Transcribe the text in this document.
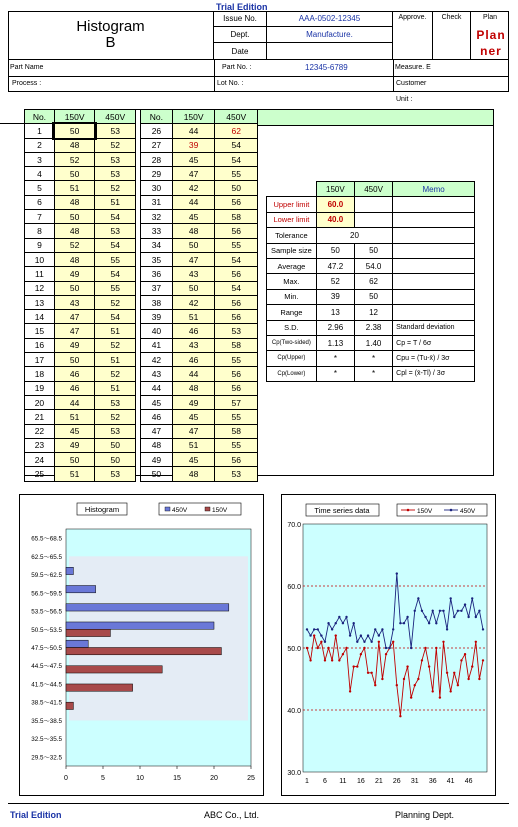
Trial Edition
Histogram
B
Issue No.	AAA-0502-12345
Dept.	Manufacture.
Date
Approve.	Check	Plan
Plan ner
Part Name	Part No. :	12345-6789	Measure. E
Process :	Lot No. :	Customer
Unit :
No.	150V	450V
1	50	53
2	48	52
3	52	53
4	50	53
5	51	52
6	48	51
7	50	54
8	48	53
9	52	54
10	48	55
11	49	54
12	50	55
13	43	52
14	47	54
15	47	51
16	49	52
17	50	51
18	46	52
19	46	51
20	44	53
21	51	52
22	45	53
23	49	50
24	50	50
25	51	53
No.	150V	450V
26	44	62
27	39	54
28	45	54
29	47	55
30	42	50
31	44	56
32	45	58
33	48	56
34	50	55
35	47	54
36	43	56
37	50	54
38	42	56
39	51	56
40	46	53
41	43	58
42	46	55
43	44	56
44	48	56
45	49	57
46	45	55
47	47	58
48	51	55
49	45	56
50	48	53
	150V	450V	Memo
Upper limit	60.0		
Lower limit	40.0		
Tolerance	20		
Sample size	50	50	
Average	47.2	54.0	
Max.	52	62	
Min.	39	50	
Range	13	12	
S.D.	2.96	2.38	Standard deviation
Cp(Two-sided)	1.13	1.40	Cp = T / 6σ
Cp(Upper)	*	*	Cpu = (Tu-x̄) / 3σ
Cp(Lower)	*	*	Cpl = (x̄-Tl) / 3σ
0	5	10	15	20	25
65.5～68.5
62.5～65.5
59.5～62.5
56.5～59.5
53.5～56.5
50.5～53.5
47.5～50.5
44.5～47.5
41.5～44.5
38.5～41.5
35.5～38.5
32.5～35.5
29.5～32.5
Histogram	450V	150V
30.0
40.0
50.0
60.0
70.0
1 6 11 16 21 26 31 36 41 46
Time series data	150V	450V
Trial Edition	ABC Co., Ltd.	Planning Dept.
